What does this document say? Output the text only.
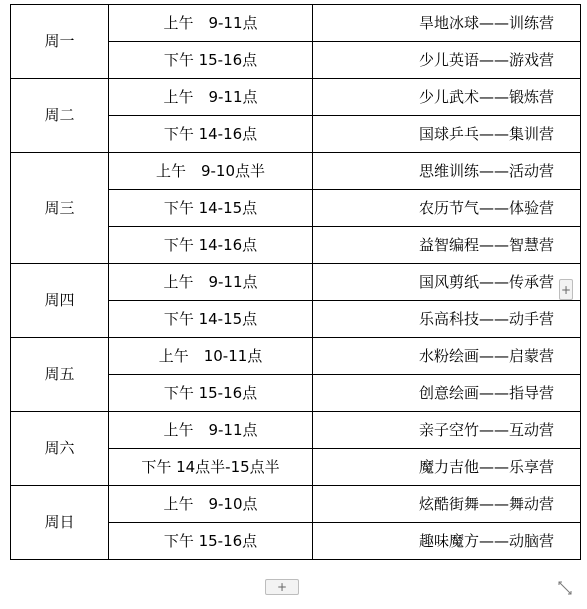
周一	上午　9-11点	旱地冰球——训练营
	下午 15-16点	少儿英语——游戏营
周二	上午　9-11点	少儿武术——锻炼营
	下午 14-16点	国球乒乓——集训营
周三	上午　9-10点半	思维训练——活动营
	下午 14-15点	农历节气——体验营
	下午 14-16点	益智编程——智慧营
周四	上午　9-11点	国风剪纸——传承营
	下午 14-15点	乐高科技——动手营
周五	上午　10-11点	水粉绘画——启蒙营
	下午 15-16点	创意绘画——指导营
周六	上午　9-11点	亲子空竹——互动营
	下午 14点半-15点半	魔力吉他——乐享营
周日	上午　9-10点	炫酷街舞——舞动营
	下午 15-16点	趣味魔方——动脑营
+
+
